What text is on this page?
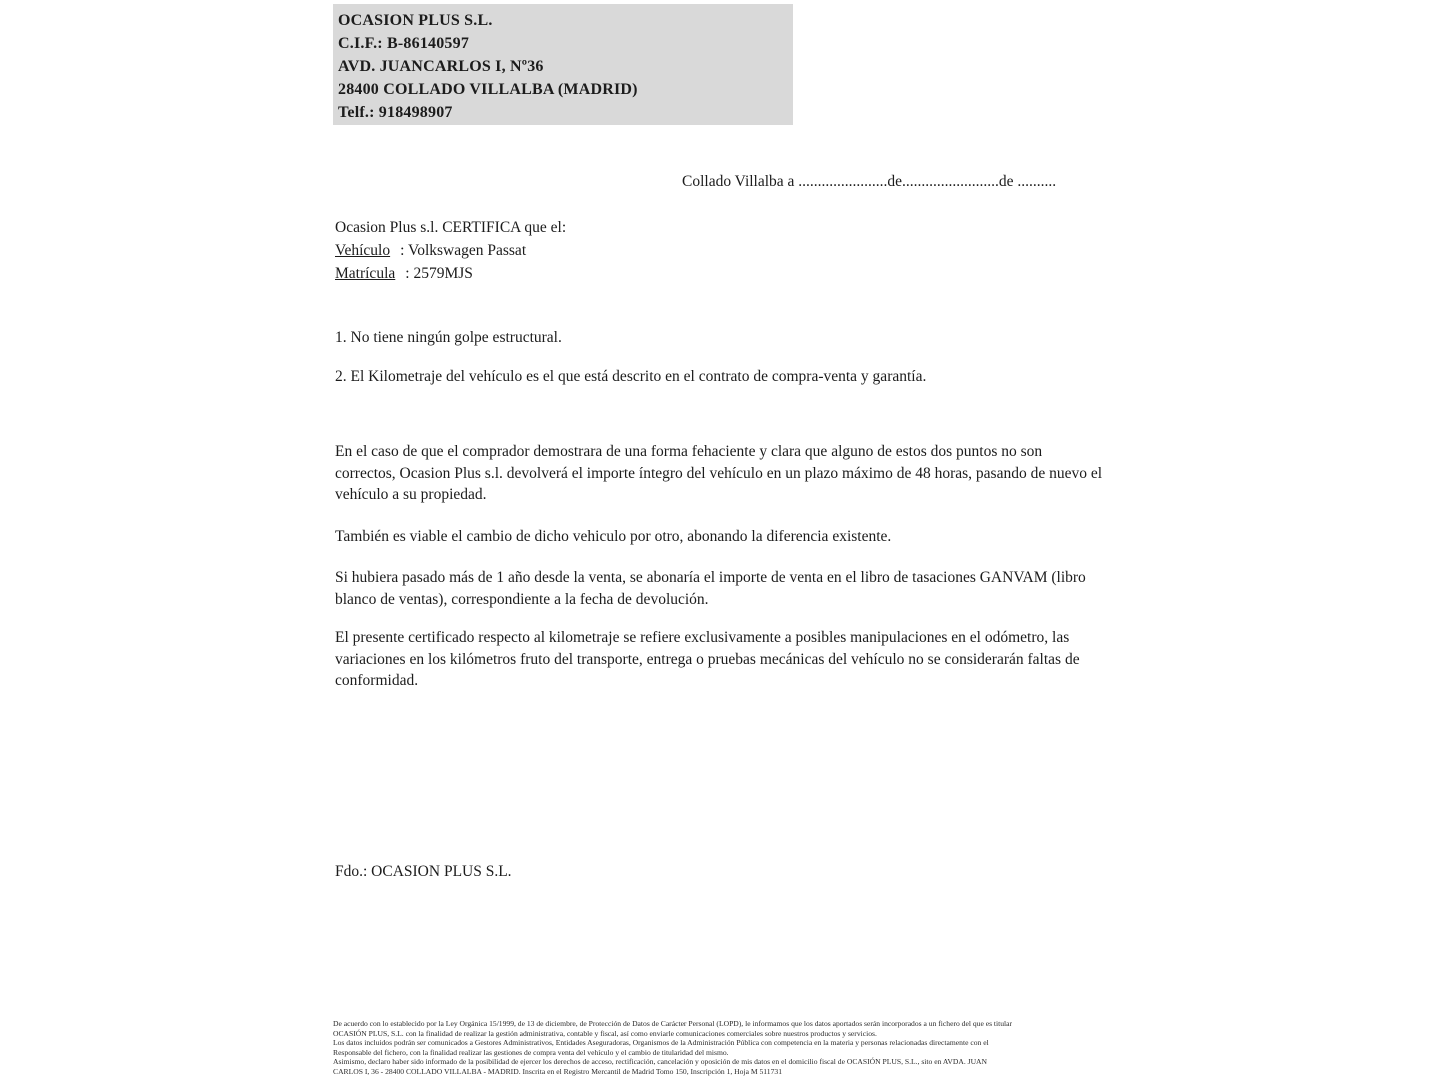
OCASION PLUS S.L.
C.I.F.: B-86140597
AVD. JUANCARLOS I, Nº36
28400 COLLADO VILLALBA (MADRID)
Telf.: 918498907
Collado Villalba a .......................de.........................de ..........
Ocasion Plus s.l. CERTIFICA que el:
Vehículo : Volkswagen Passat
Matrícula : 2579MJS
1. No tiene ningún golpe estructural.
2. El Kilometraje del vehículo es el que está descrito en el contrato de compra-venta y garantía.

En el caso de que el comprador demostrara de una forma fehaciente y clara que alguno de estos dos puntos no son correctos, Ocasion Plus s.l. devolverá el importe íntegro del vehículo en un plazo máximo de 48 horas, pasando de nuevo el vehículo a su propiedad.

También es viable el cambio de dicho vehiculo por otro, abonando la diferencia existente.

Si hubiera pasado más de 1 año desde la venta, se abonaría el importe de venta en el libro de tasaciones GANVAM (libro blanco de ventas), correspondiente a la fecha de devolución.

El presente certificado respecto al kilometraje se refiere exclusivamente a posibles manipulaciones en el odómetro, las variaciones en los kilómetros fruto del transporte, entrega o pruebas mecánicas del vehículo no se considerarán faltas de conformidad.

Fdo.: OCASION PLUS S.L.
De acuerdo con lo establecido por la Ley Orgánica 15/1999, de 13 de diciembre, de Protección de Datos de Carácter Personal (LOPD), le informamos que los datos aportados serán incorporados a un fichero del que es titular
OCASIÓN PLUS, S.L. con la finalidad de realizar la gestión administrativa, contable y fiscal, así como enviarle comunicaciones comerciales sobre nuestros productos y servicios.
Los datos incluidos podrán ser comunicados a Gestores Administrativos, Entidades Aseguradoras, Organismos de la Administración Pública con competencia en la materia y personas relacionadas directamente con el
Responsable del fichero, con la finalidad realizar las gestiones de compra venta del vehículo y el cambio de titularidad del mismo.
Asimismo, declaro haber sido informado de la posibilidad de ejercer los derechos de acceso, rectificación, cancelación y oposición de mis datos en el domicilio fiscal de OCASIÓN PLUS, S.L., sito en AVDA. JUAN
CARLOS I, 36 - 28400 COLLADO VILLALBA - MADRID. Inscrita en el Registro Mercantil de Madrid Tomo 150, Inscripción 1, Hoja M 511731
